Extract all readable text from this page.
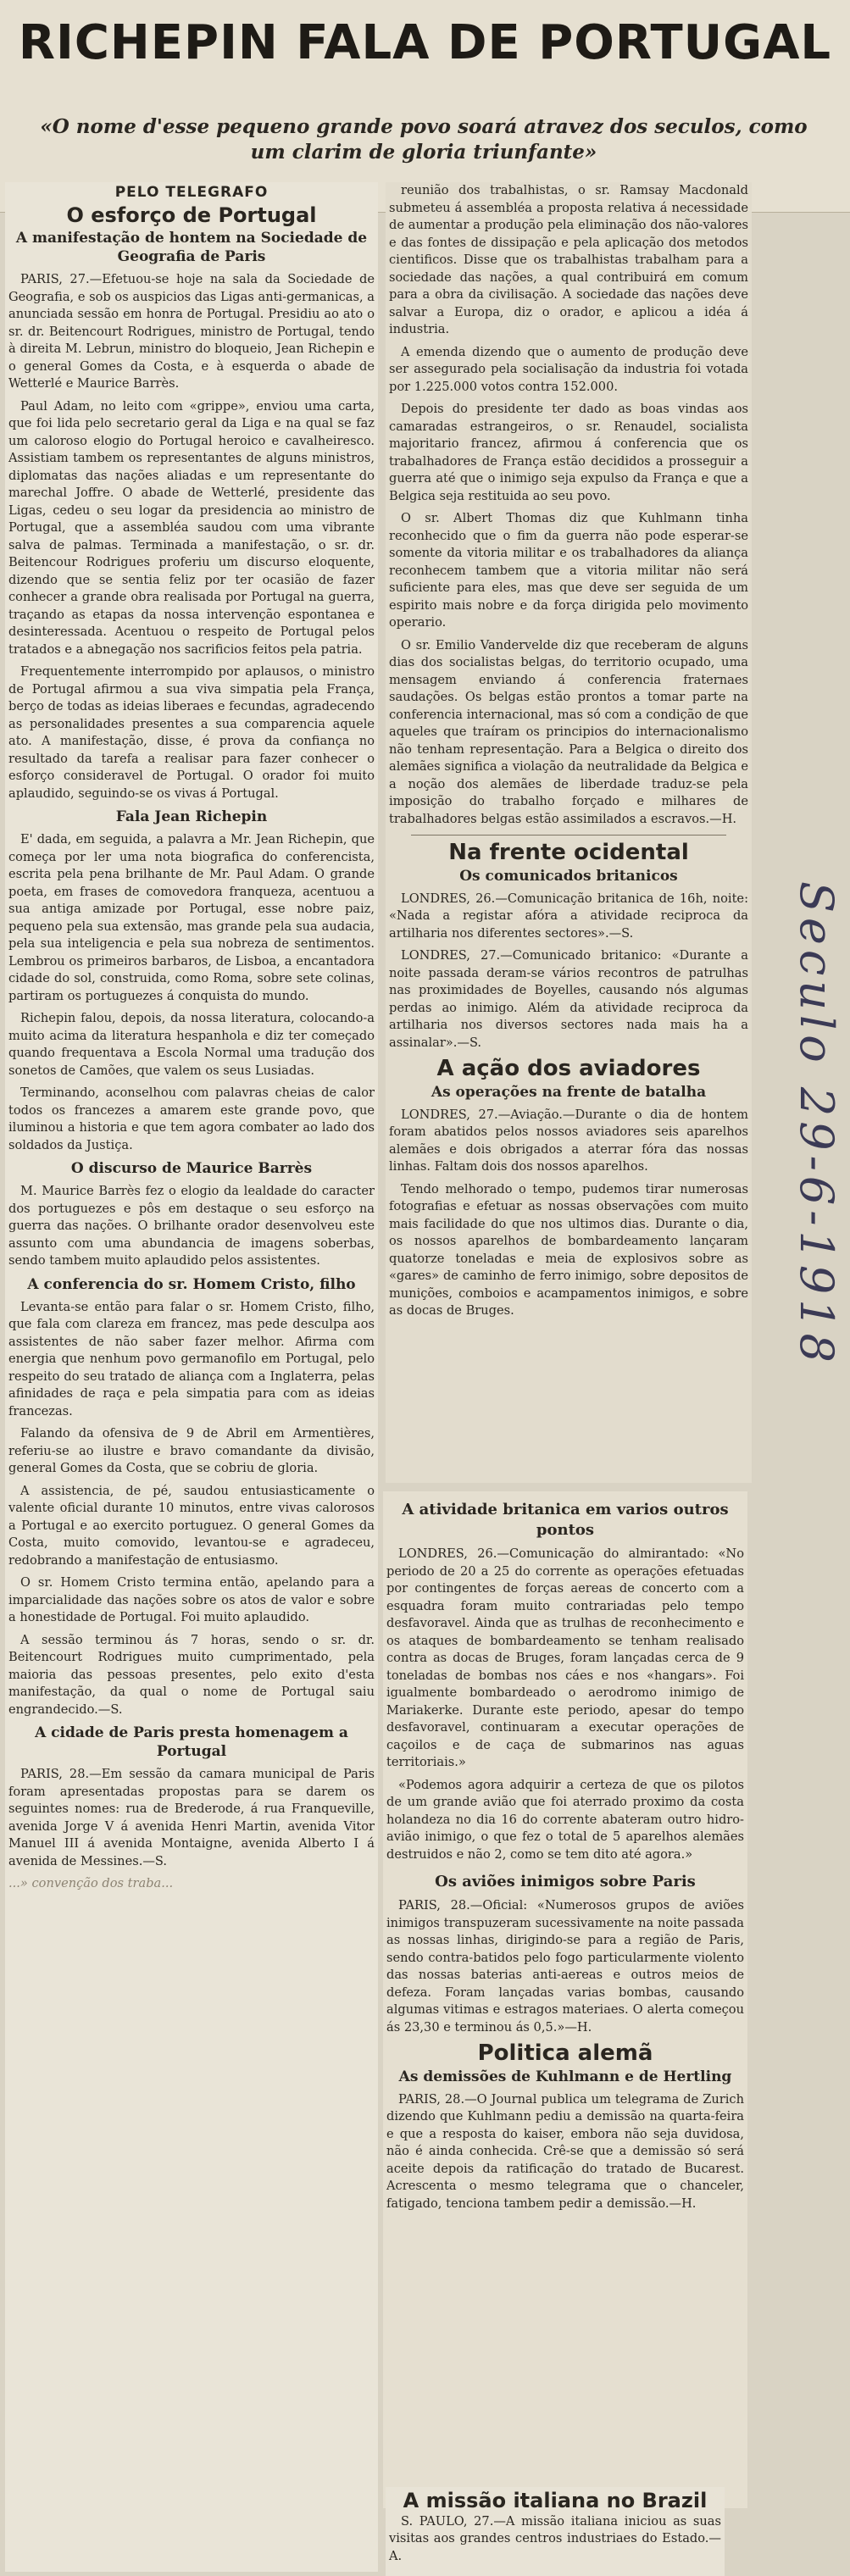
RICHEPIN FALA DE PORTUGAL
«O nome d'esse pequeno grande povo soará atravez dos seculos, como um clarim de gloria triunfante»
PELO TELEGRAFO
O esforço de Portugal
A manifestação de hontem na Sociedade de Geografia de Paris

PARIS, 27.—Efetuou-se hoje na sala da Sociedade de Geografia, e sob os auspicios das Ligas anti-germanicas, a anunciada sessão em honra de Portugal. Presidiu ao ato o sr. dr. Beitencourt Rodrigues, ministro de Portugal, tendo à direita M. Lebrun, ministro do bloqueio, Jean Richepin e o general Gomes da Costa, e à esquerda o abade de Wetterlé e Maurice Barrès.

Paul Adam, no leito com «grippe», enviou uma carta, que foi lida pelo secretario geral da Liga e na qual se faz um caloroso elogio do Portugal heroico e cavalheiresco. Assistiam tambem os representantes de alguns ministros, diplomatas das nações aliadas e um representante do marechal Joffre. O abade de Wetterlé, presidente das Ligas, cedeu o seu logar da presidencia ao ministro de Portugal, que a assembléa saudou com uma vibrante salva de palmas. Terminada a manifestação, o sr. dr. Beitencour Rodrigues proferiu um discurso eloquente, dizendo que se sentia feliz por ter ocasião de fazer conhecer a grande obra realisada por Portugal na guerra, traçando as etapas da nossa intervenção espontanea e desinteressada. Acentuou o respeito de Portugal pelos tratados e a abnegação nos sacrificios feitos pela patria.

Frequentemente interrompido por aplausos, o ministro de Portugal afirmou a sua viva simpatia pela França, berço de todas as ideias liberaes e fecundas, agradecendo as personalidades presentes a sua comparencia aquele ato. A manifestação, disse, é prova da confiança no resultado da tarefa a realisar para fazer conhecer o esforço consideravel de Portugal. O orador foi muito aplaudido, seguindo-se os vivas á Portugal.

Fala Jean Richepin

E' dada, em seguida, a palavra a Mr. Jean Richepin, que começa por ler uma nota biografica do conferencista, escrita pela pena brilhante de Mr. Paul Adam. O grande poeta, em frases de comovedora franqueza, acentuou a sua antiga amizade por Portugal, esse nobre paiz, pequeno pela sua extensão, mas grande pela sua audacia, pela sua inteligencia e pela sua nobreza de sentimentos. Lembrou os primeiros barbaros, de Lisboa, a encantadora cidade do sol, construida, como Roma, sobre sete colinas, partiram os portuguezes á conquista do mundo.

Richepin falou, depois, da nossa literatura, colocando-a muito acima da literatura hespanhola e diz ter começado quando frequentava a Escola Normal uma tradução dos sonetos de Camões, que valem os seus Lusiadas.

Terminando, aconselhou com palavras cheias de calor todos os francezes a amarem este grande povo, que iluminou a historia e que tem agora combater ao lado dos soldados da Justiça.

O discurso de Maurice Barrès

M. Maurice Barrès fez o elogio da lealdade do caracter dos portuguezes e pôs em destaque o seu esforço na guerra das nações. O brilhante orador desenvolveu este assunto com uma abundancia de imagens soberbas, sendo tambem muito aplaudido pelos assistentes.

A conferencia do sr. Homem Cristo, filho

Levanta-se então para falar o sr. Homem Cristo, filho, que fala com clareza em francez, mas pede desculpa aos assistentes de não saber fazer melhor. Afirma com energia que nenhum povo germanofilo em Portugal, pelo respeito do seu tratado de aliança com a Inglaterra, pelas afinidades de raça e pela simpatia para com as ideias francezas.

Falando da ofensiva de 9 de Abril em Armentières, referiu-se ao ilustre e bravo comandante da divisão, general Gomes da Costa, que se cobriu de gloria.

A assistencia, de pé, saudou entusiasticamente o valente oficial durante 10 minutos, entre vivas calorosos a Portugal e ao exercito portuguez. O general Gomes da Costa, muito comovido, levantou-se e agradeceu, redobrando a manifestação de entusiasmo.

O sr. Homem Cristo termina então, apelando para a imparcialidade das nações sobre os atos de valor e sobre a honestidade de Portugal. Foi muito aplaudido.

A sessão terminou ás 7 horas, sendo o sr. dr. Beitencourt Rodrigues muito cumprimentado, pela maioria das pessoas presentes, pelo exito d'esta manifestação, da qual o nome de Portugal saiu engrandecido.—S.

A cidade de Paris presta homenagem a Portugal

PARIS, 28.—Em sessão da camara municipal de Paris foram apresentadas propostas para se darem os seguintes nomes: rua de Brederode, á rua Franqueville, avenida Jorge V á avenida Henri Martin, avenida Vitor Manuel III á avenida Montaigne, avenida Alberto I á avenida de Messines.—S.

...» convenção dos traba...

reunião dos trabalhistas, o sr. Ramsay Macdonald submeteu á assembléa a proposta relativa á necessidade de aumentar a produção pela eliminação dos não-valores e das fontes de dissipação e pela aplicação dos metodos cientificos. Disse que os trabalhistas trabalham para a sociedade das nações, a qual contribuirá em comum para a obra da civilisação. A sociedade das nações deve salvar a Europa, diz o orador, e aplicou a idéa á industria.

A emenda dizendo que o aumento de produção deve ser assegurado pela socialisação da industria foi votada por 1.225.000 votos contra 152.000.

Depois do presidente ter dado as boas vindas aos camaradas estrangeiros, o sr. Renaudel, socialista majoritario francez, afirmou á conferencia que os trabalhadores de França estão decididos a prosseguir a guerra até que o inimigo seja expulso da França e que a Belgica seja restituida ao seu povo.

O sr. Albert Thomas diz que Kuhlmann tinha reconhecido que o fim da guerra não pode esperar-se somente da vitoria militar e os trabalhadores da aliança reconhecem tambem que a vitoria militar não será suficiente para eles, mas que deve ser seguida de um espirito mais nobre e da força dirigida pelo movimento operario.

O sr. Emilio Vandervelde diz que receberam de alguns dias dos socialistas belgas, do territorio ocupado, uma mensagem enviando á conferencia fraternaes saudações. Os belgas estão prontos a tomar parte na conferencia internacional, mas só com a condição de que aqueles que traíram os principios do internacionalismo não tenham representação. Para a Belgica o direito dos alemães significa a violação da neutralidade da Belgica e a noção dos alemães de liberdade traduz-se pela imposição do trabalho forçado e milhares de trabalhadores belgas estão assimilados a escravos.—H.

Na frente ocidental
Os comunicados britanicos

LONDRES, 26.—Comunicação britanica de 16h, noite: «Nada a registar afóra a atividade reciproca da artilharia nos diferentes sectores».—S.

LONDRES, 27.—Comunicado britanico: «Durante a noite passada deram-se vários recontros de patrulhas nas proximidades de Boyelles, causando nós algumas perdas ao inimigo. Além da atividade reciproca da artilharia nos diversos sectores nada mais ha a assinalar».—S.

A ação dos aviadores
As operações na frente de batalha

LONDRES, 27.—Aviação.—Durante o dia de hontem foram abatidos pelos nossos aviadores seis aparelhos alemães e dois obrigados a aterrar fóra das nossas linhas. Faltam dois dos nossos aparelhos.

Tendo melhorado o tempo, pudemos tirar numerosas fotografias e efetuar as nossas observações com muito mais facilidade do que nos ultimos dias. Durante o dia, os nossos aparelhos de bombardeamento lançaram quatorze toneladas e meia de explosivos sobre as «gares» de caminho de ferro inimigo, sobre depositos de munições, comboios e acampamentos inimigos, e sobre as docas de Bruges.

A atividade britanica em varios outros pontos

LONDRES, 26.—Comunicação do almirantado: «No periodo de 20 a 25 do corrente as operações efetuadas por contingentes de forças aereas de concerto com a esquadra foram muito contrariadas pelo tempo desfavoravel. Ainda que as trulhas de reconhecimento e os ataques de bombardeamento se tenham realisado contra as docas de Bruges, foram lançadas cerca de 9 toneladas de bombas nos cáes e nos «hangars». Foi igualmente bombardeado o aerodromo inimigo de Mariakerke. Durante este periodo, apesar do tempo desfavoravel, continuaram a executar operações de caçoilos e de caça de submarinos nas aguas territoriais.»

«Podemos agora adquirir a certeza de que os pilotos de um grande avião que foi aterrado proximo da costa holandeza no dia 16 do corrente abateram outro hidro-avião inimigo, o que fez o total de 5 aparelhos alemães destruidos e não 2, como se tem dito até agora.»

Os aviões inimigos sobre Paris

PARIS, 28.—Oficial: «Numerosos grupos de aviões inimigos transpuzeram sucessivamente na noite passada as nossas linhas, dirigindo-se para a região de Paris, sendo contra-batidos pelo fogo particularmente violento das nossas baterias anti-aereas e outros meios de defeza. Foram lançadas varias bombas, causando algumas vitimas e estragos materiaes. O alerta começou ás 23,30 e terminou ás 0,5.»—H.

Politica alemã
As demissões de Kuhlmann e de Hertling

PARIS, 28.—O Journal publica um telegrama de Zurich dizendo que Kuhlmann pediu a demissão na quarta-feira e que a resposta do kaiser, embora não seja duvidosa, não é ainda conhecida. Crê-se que a demissão só será aceite depois da ratificação do tratado de Bucarest. Acrescenta o mesmo telegrama que o chanceler, fatigado, tenciona tambem pedir a demissão.—H.

A missão italiana no Brazil

S. PAULO, 27.—A missão italiana iniciou as suas visitas aos grandes centros industriaes do Estado.—A.

Seculo 29-6-1918
